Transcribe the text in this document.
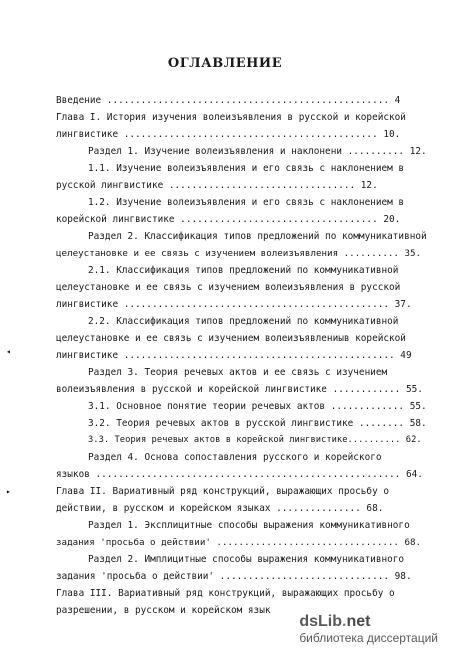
ОГЛАВЛЕНИЕ
Введение .................................................. 4
Глава I. История изучения волеизъявления в русской и корейской
лингвистике ............................................. 10.
Раздел 1. Изучение волеизъявления и наклонени .......... 12.
1.1. Изучение волеизъявления и его связь с наклонением в
русской лингвистике ................................. 12.
1.2. Изучение волеизъявления и его связь с наклонением в
корейской лингвистике ................................... 20.
Раздел 2. Классификация типов предложений по коммуникативной
целеустановке и ее связь с изучением волеизъявления .......... 35.
2.1. Классификация типов предложений по коммуникативной
целеустановке и ее связь с изучением волеизъявления в русской
лингвистике ............................................... 37.
2.2. Классификация типов предложений по коммуникативной
целеустановке и ее связь с изучением волеизъявлениыв корейской
лингвистике ................................................ 49
Раздел 3. Теория речевых актов и ее связь с изучением
волеизъявления в русской и корейской лингвистике ............ 55.
3.1. Основное понятие теории речевых актов ............. 55.
3.2. Теория речевых актов в русской лингвистике ........ 58.
3.3. Теория речевых актов в корейской лингвистике.......... 62.
Раздел 4. Основа сопоставления русского и корейского
языков ...................................................... 64.
Глава II. Вариативный ряд конструкций, выражающих просьбу о
действии, в русском и корейском языках ............... 68.
Раздел 1. Эксплицитные способы выражения коммуникативного
задания 'просьба о действии' ................................. 68.
Раздел 2. Имплицитные способы выражения коммуникативного
задания 'просьба о действии' .............................. 98.
Глава III. Вариативный ряд конструкций, выражающих просьбу о
разрешении, в русском и корейском язык
◂
▸
dsLib.net
библиотека диссертаций
